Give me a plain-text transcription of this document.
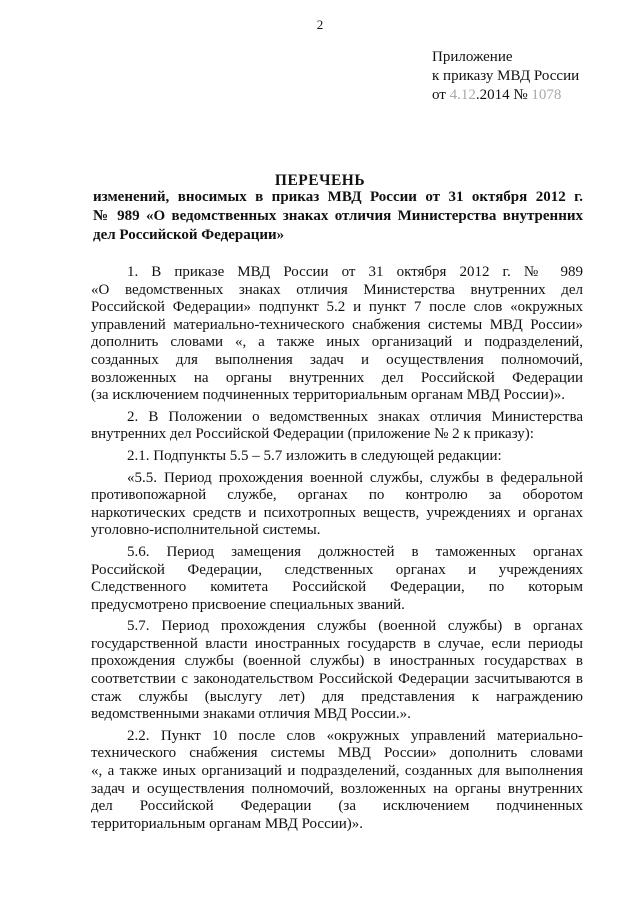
2
Приложение
к приказу МВД России
от 4.12.2014 № 1078
ПЕРЕЧЕНЬ
изменений, вносимых в приказ МВД России от 31 октября 2012 г.
№ 989 «О ведомственных знаках отличия Министерства внутренних
дел Российской Федерации»
1. В приказе МВД России от 31 октября 2012 г. № 989
«О ведомственных знаках отличия Министерства внутренних дел
Российской Федерации» подпункт 5.2 и пункт 7 после слов «окружных
управлений материально-технического снабжения системы МВД России»
дополнить словами «, а также иных организаций и подразделений,
созданных для выполнения задач и осуществления полномочий,
возложенных на органы внутренних дел Российской Федерации
(за исключением подчиненных территориальным органам МВД России)».
2. В Положении о ведомственных знаках отличия Министерства
внутренних дел Российской Федерации (приложение № 2 к приказу):
2.1. Подпункты 5.5 – 5.7 изложить в следующей редакции:
«5.5. Период прохождения военной службы, службы в федеральной
противопожарной службе, органах по контролю за оборотом
наркотических средств и психотропных веществ, учреждениях и органах
уголовно-исполнительной системы.
5.6. Период замещения должностей в таможенных органах
Российской Федерации, следственных органах и учреждениях
Следственного комитета Российской Федерации, по которым
предусмотрено присвоение специальных званий.
5.7. Период прохождения службы (военной службы) в органах
государственной власти иностранных государств в случае, если периоды
прохождения службы (военной службы) в иностранных государствах в
соответствии с законодательством Российской Федерации засчитываются в
стаж службы (выслугу лет) для представления к награждению
ведомственными знаками отличия МВД России.».
2.2. Пункт 10 после слов «окружных управлений материально-
технического снабжения системы МВД России» дополнить словами
«, а также иных организаций и подразделений, созданных для выполнения
задач и осуществления полномочий, возложенных на органы внутренних
дел Российской Федерации (за исключением подчиненных
территориальным органам МВД России)».
